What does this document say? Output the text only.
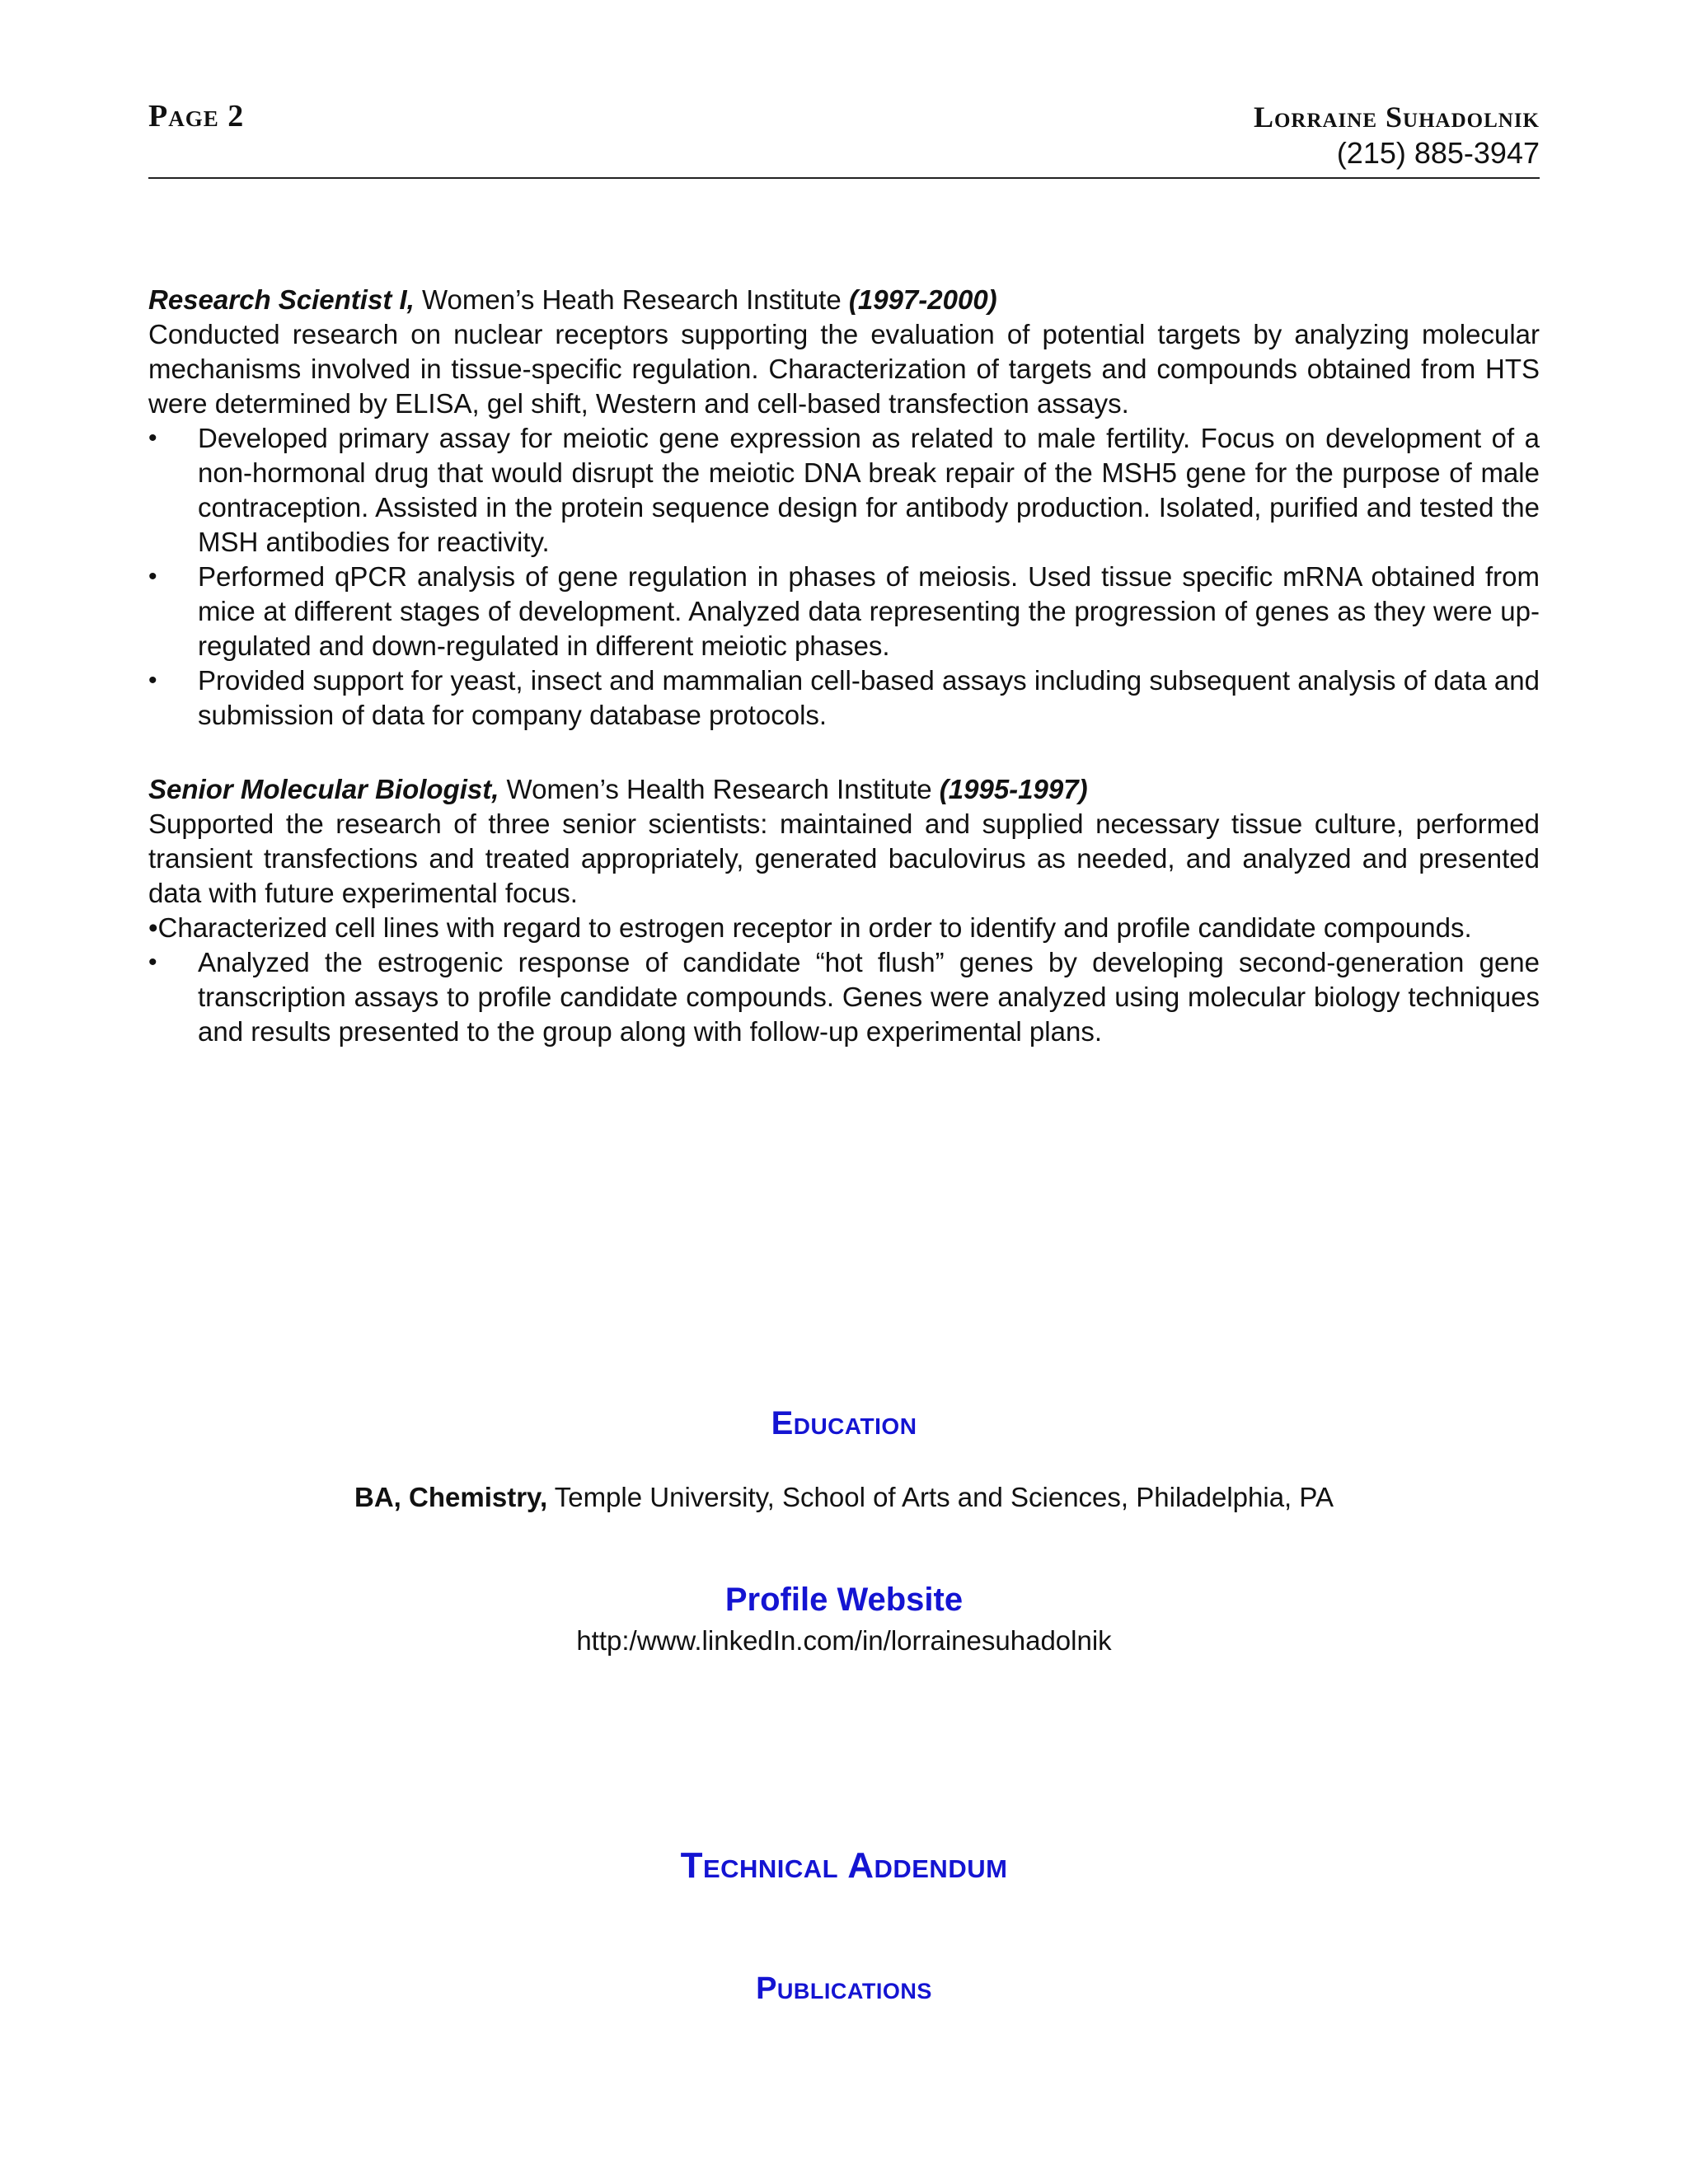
Page 2	Lorraine Suhadolnik
(215) 885-3947

Research Scientist I, Women’s Heath Research Institute (1997-2000)

Conducted research on nuclear receptors supporting the evaluation of potential targets by analyzing molecular mechanisms involved in tissue-specific regulation. Characterization of targets and compounds obtained from HTS were determined by ELISA, gel shift, Western and cell-based transfection assays.

• Developed primary assay for meiotic gene expression as related to male fertility. Focus on development of a non-hormonal drug that would disrupt the meiotic DNA break repair of the MSH5 gene for the purpose of male contraception. Assisted in the protein sequence design for antibody production. Isolated, purified and tested the MSH antibodies for reactivity.
• Performed qPCR analysis of gene regulation in phases of meiosis. Used tissue specific mRNA obtained from mice at different stages of development. Analyzed data representing the progression of genes as they were up-regulated and down-regulated in different meiotic phases.
• Provided support for yeast, insect and mammalian cell-based assays including subsequent analysis of data and submission of data for company database protocols.

Senior Molecular Biologist, Women’s Health Research Institute (1995-1997)

Supported the research of three senior scientists: maintained and supplied necessary tissue culture, performed transient transfections and treated appropriately, generated baculovirus as needed, and analyzed and presented data with future experimental focus.

•Characterized cell lines with regard to estrogen receptor in order to identify and profile candidate compounds.

• Analyzed the estrogenic response of candidate “hot flush” genes by developing second-generation gene transcription assays to profile candidate compounds. Genes were analyzed using molecular biology techniques and results presented to the group along with follow-up experimental plans.
Education
BA, Chemistry, Temple University, School of Arts and Sciences, Philadelphia, PA
Profile Website
http:/www.linkedIn.com/in/lorrainesuhadolnik
Technical Addendum
Publications
